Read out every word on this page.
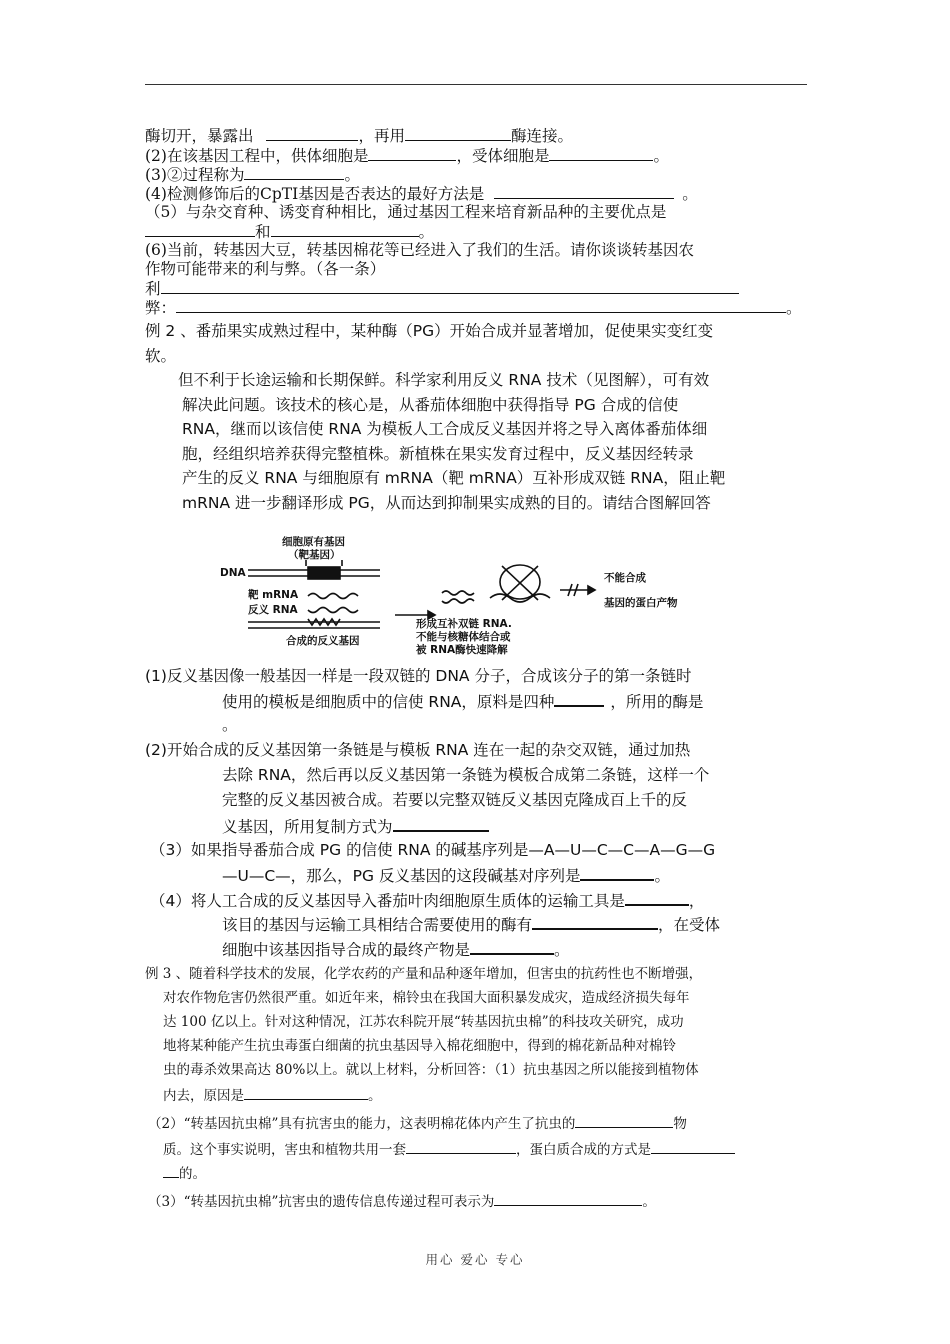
酶切开，暴露出	，再用	酶连接。
(2)在该基因工程中，供体细胞是	，受体细胞是	。
(3)②过程称为	。
(4)检测修饰后的CpTI基因是否表达的最好方法是	。
（5）与杂交育种、诱变育种相比，通过基因工程来培育新品种的主要优点是
和	。
(6)当前，转基因大豆，转基因棉花等已经进入了我们的生活。请你谈谈转基因农
作物可能带来的利与弊。（各一条）
利
弊：	。
例 2 、番茄果实成熟过程中，某种酶（PG）开始合成并显著增加，促使果实变红变
软。
但不利于长途运输和长期保鲜。科学家利用反义 RNA 技术（见图解），可有效
解决此问题。该技术的核心是，从番茄体细胞中获得指导 PG 合成的信使
RNA，继而以该信使 RNA 为模板人工合成反义基因并将之导入离体番茄体细
胞，经组织培养获得完整植株。新植株在果实发育过程中，反义基因经转录
产生的反义 RNA 与细胞原有 mRNA（靶 mRNA）互补形成双链 RNA，阻止靶
mRNA 进一步翻译形成 PG，从而达到抑制果实成熟的目的。请结合图解回答
细胞原有基因
（靶基因）
DNA
靶 mRNA
反义 RNA
合成的反义基因
形成互补双链 RNA.
不能与核糖体结合或
被 RNA酶快速降解
不能合成
基因的蛋白产物
(1)反义基因像一般基因一样是一段双链的 DNA 分子，合成该分子的第一条链时
使用的模板是细胞质中的信使 RNA，原料是四种	，所用的酶是
。
(2)开始合成的反义基因第一条链是与模板 RNA 连在一起的杂交双链，通过加热
去除 RNA，然后再以反义基因第一条链为模板合成第二条链，这样一个
完整的反义基因被合成。若要以完整双链反义基因克隆成百上千的反
义基因，所用复制方式为
（3）如果指导番茄合成 PG 的信使 RNA 的碱基序列是—A—U—C—C—A—G—G
—U—C—，那么，PG 反义基因的这段碱基对序列是	。
（4）将人工合成的反义基因导入番茄叶肉细胞原生质体的运输工具是	，
该目的基因与运输工具相结合需要使用的酶有	，在受体
细胞中该基因指导合成的最终产物是	。
例 3 、随着科学技术的发展，化学农药的产量和品种逐年增加，但害虫的抗药性也不断增强，
对农作物危害仍然很严重。如近年来，棉铃虫在我国大面积暴发成灾，造成经济损失每年
达 100 亿以上。针对这种情况，江苏农科院开展“转基因抗虫棉”的科技攻关研究，成功
地将某种能产生抗虫毒蛋白细菌的抗虫基因导入棉花细胞中，得到的棉花新品种对棉铃
虫的毒杀效果高达 80%以上。就以上材料，分析回答：（1）抗虫基因之所以能接到植物体
内去，原因是	。
（2）“转基因抗虫棉”具有抗害虫的能力，这表明棉花体内产生了抗虫的	物
质。这个事实说明，害虫和植物共用一套	，蛋白质合成的方式是
的。
（3）“转基因抗虫棉”抗害虫的遗传信息传递过程可表示为	。
用心 爱心 专心
